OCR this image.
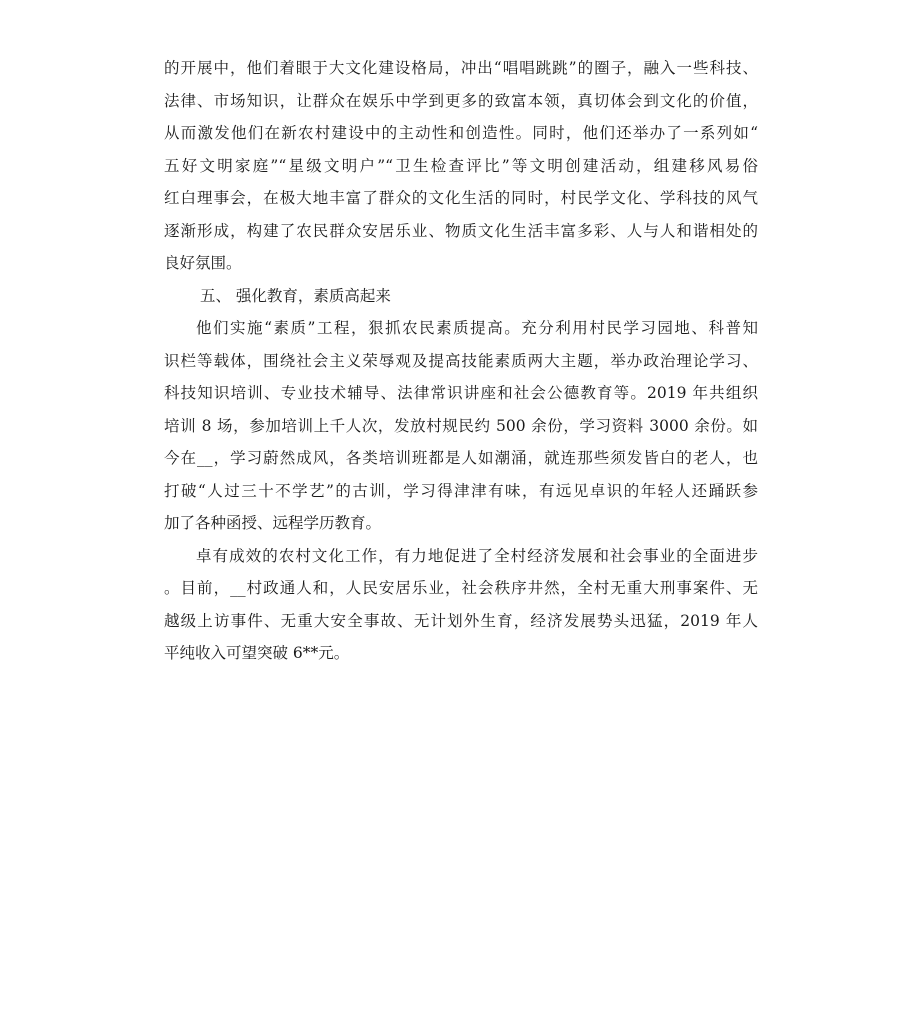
的开展中，他们着眼于大文化建设格局，冲出“唱唱跳跳”的圈子，融入一些科技、
法律、市场知识，让群众在娱乐中学到更多的致富本领，真切体会到文化的价值，
从而激发他们在新农村建设中的主动性和创造性。同时，他们还举办了一系列如“
五好文明家庭”“星级文明户”“卫生检查评比”等文明创建活动，组建移风易俗
红白理事会，在极大地丰富了群众的文化生活的同时，村民学文化、学科技的风气
逐渐形成，构建了农民群众安居乐业、物质文化生活丰富多彩、人与人和谐相处的
良好氛围。
五、 强化教育，素质高起来
他们实施“素质”工程，狠抓农民素质提高。充分利用村民学习园地、科普知
识栏等载体，围绕社会主义荣辱观及提高技能素质两大主题，举办政治理论学习、
科技知识培训、专业技术辅导、法律常识讲座和社会公德教育等。2019 年共组织
培训 8 场，参加培训上千人次，发放村规民约 500 余份，学习资料 3000 余份。如
今在__，学习蔚然成风，各类培训班都是人如潮涌，就连那些须发皆白的老人，也
打破“人过三十不学艺”的古训，学习得津津有味，有远见卓识的年轻人还踊跃参
加了各种函授、远程学历教育。
卓有成效的农村文化工作，有力地促进了全村经济发展和社会事业的全面进步
。目前，__村政通人和，人民安居乐业，社会秩序井然，全村无重大刑事案件、无
越级上访事件、无重大安全事故、无计划外生育，经济发展势头迅猛，2019 年人
平纯收入可望突破 6**元。
